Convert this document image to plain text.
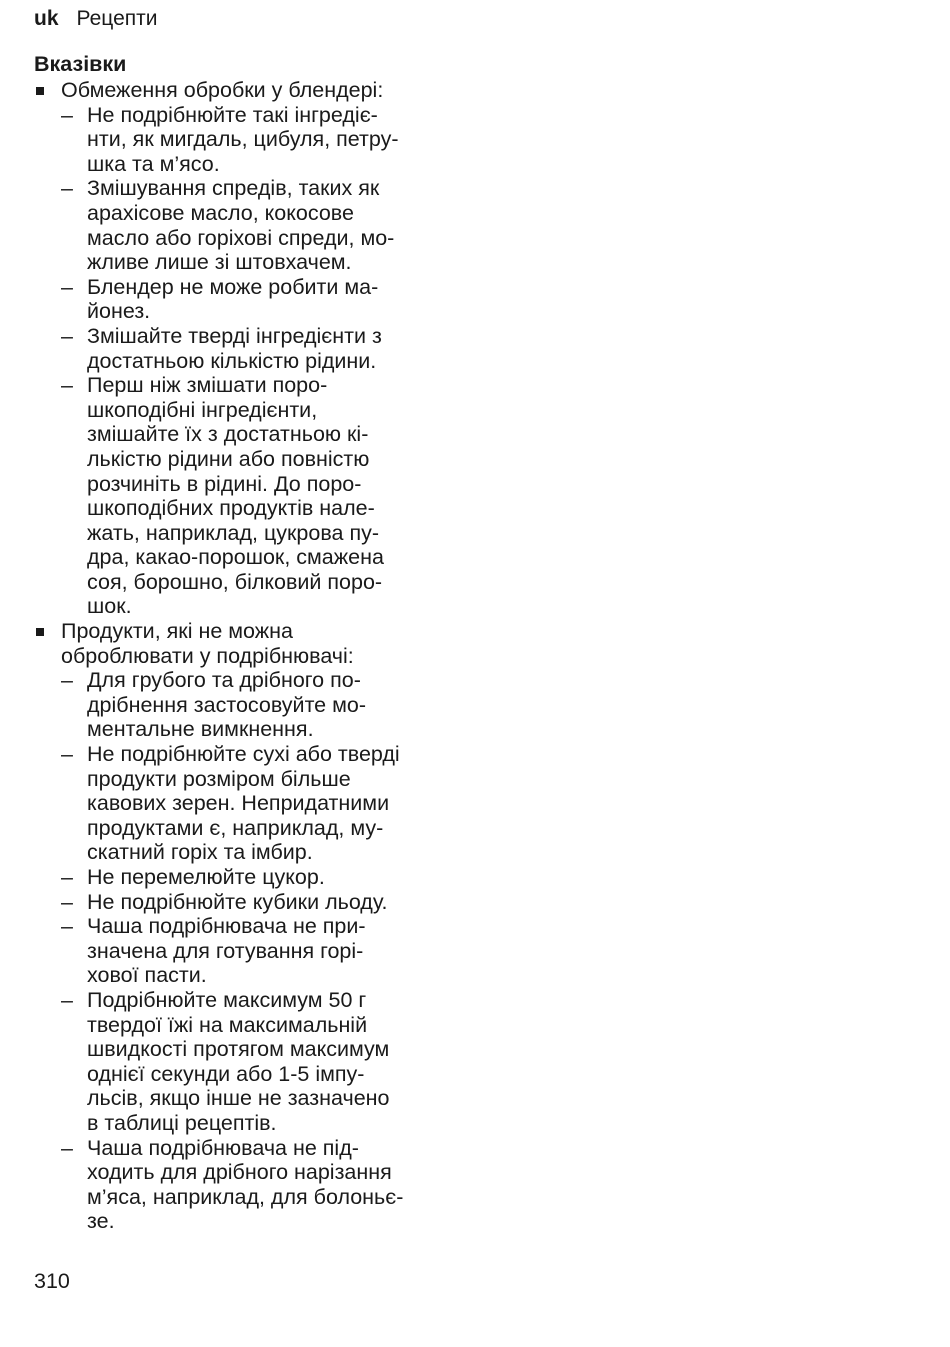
uk Рецепти
Вказівки
Обмеження обробки у блендері:
– Не подрібнюйте такі інгредіє-
нти, як мигдаль, цибуля, петру-
шка та м’ясо.
– Змішування спредів, таких як
арахісове масло, кокосове
масло або горіхові спреди, мо-
жливе лише зі штовхачем.
– Блендер не може робити ма-
йонез.
– Змішайте тверді інгредієнти з
достатньою кількістю рідини.
– Перш ніж змішати поро-
шкоподібні інгредієнти,
змішайте їх з достатньою кі-
лькістю рідини або повністю
розчиніть в рідині. До поро-
шкоподібних продуктів нале-
жать, наприклад, цукрова пу-
дра, какао-порошок, смажена
соя, борошно, білковий поро-
шок.
Продукти, які не можна
оброблювати у подрібнювачі:
– Для грубого та дрібного по-
дрібнення застосовуйте мо-
ментальне вимкнення.
– Не подрібнюйте сухі або тверді
продукти розміром більше
кавових зерен. Непридатними
продуктами є, наприклад, му-
скатний горіх та імбир.
– Не перемелюйте цукор.
– Не подрібнюйте кубики льоду.
– Чаша подрібнювача не при-
значена для готування горі-
хової пасти.
– Подрібнюйте максимум 50 г
твердої їжі на максимальній
швидкості протягом максимум
однієї секунди або 1-5 імпу-
льсів, якщо інше не зазначено
в таблиці рецептів.
– Чаша подрібнювача не під-
ходить для дрібного нарізання
м’яса, наприклад, для болоньє-
зе.
310
